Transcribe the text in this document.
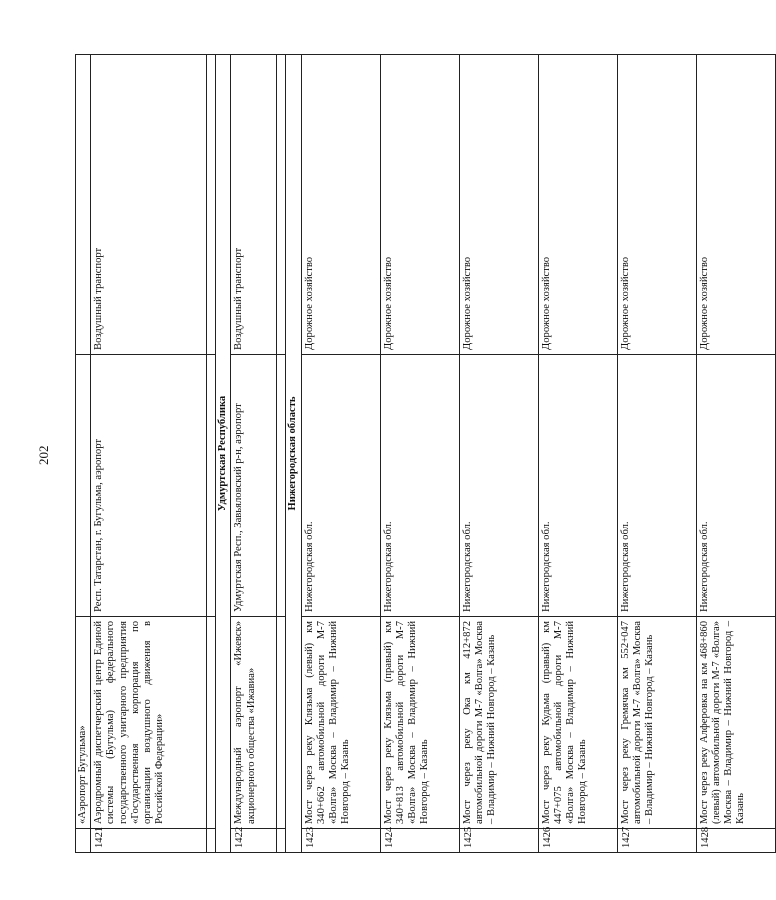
202
	«Аэропорт Бугульма»		
1421	Аэродромный диспетчерский центр Единой системы (Бугульма) федерального государственного унитарного предприятия «Государственная корпорация по организации воздушного движения в Российской Федерации»	Респ. Татарстан, г. Бугульма, аэропорт	Воздушный транспорт

Удмуртская Республика			
1422	Международный аэропорт «Ижевск» акционерного общества «Ижавиа»	Удмуртская Респ., Завьяловский р-н, аэропорт	Воздушный транспорт

Нижегородская область			
1423	Мост через реку Клязьма (левый) км 340+662 автомобильной дороги М-7 «Волга» Москва – Владимир – Нижний Новгород – Казань	Нижегородская обл.	Дорожное хозяйство
1424	Мост через реку Клязьма (правый) км 340+813 автомобильной дороги М-7 «Волга» Москва – Владимир – Нижний Новгород – Казань	Нижегородская обл.	Дорожное хозяйство
1425	Мост через реку Ока км 412+872 автомобильной дороги М-7 «Волга» Москва – Владимир – Нижний Новгород – Казань	Нижегородская обл.	Дорожное хозяйство
1426	Мост через реку Кудьма (правый) км 447+075 автомобильной дороги М-7 «Волга» Москва – Владимир – Нижний Новгород – Казань	Нижегородская обл.	Дорожное хозяйство
1427	Мост через реку Гремячка км 552+047 автомобильной дороги М-7 «Волга» Москва – Владимир – Нижний Новгород – Казань	Нижегородская обл.	Дорожное хозяйство
1428	Мост через реку Алферовка на км 468+860 (левый) автомобильной дороги М-7 «Волга» Москва – Владимир – Нижний Новгород – Казань	Нижегородская обл.	Дорожное хозяйство
